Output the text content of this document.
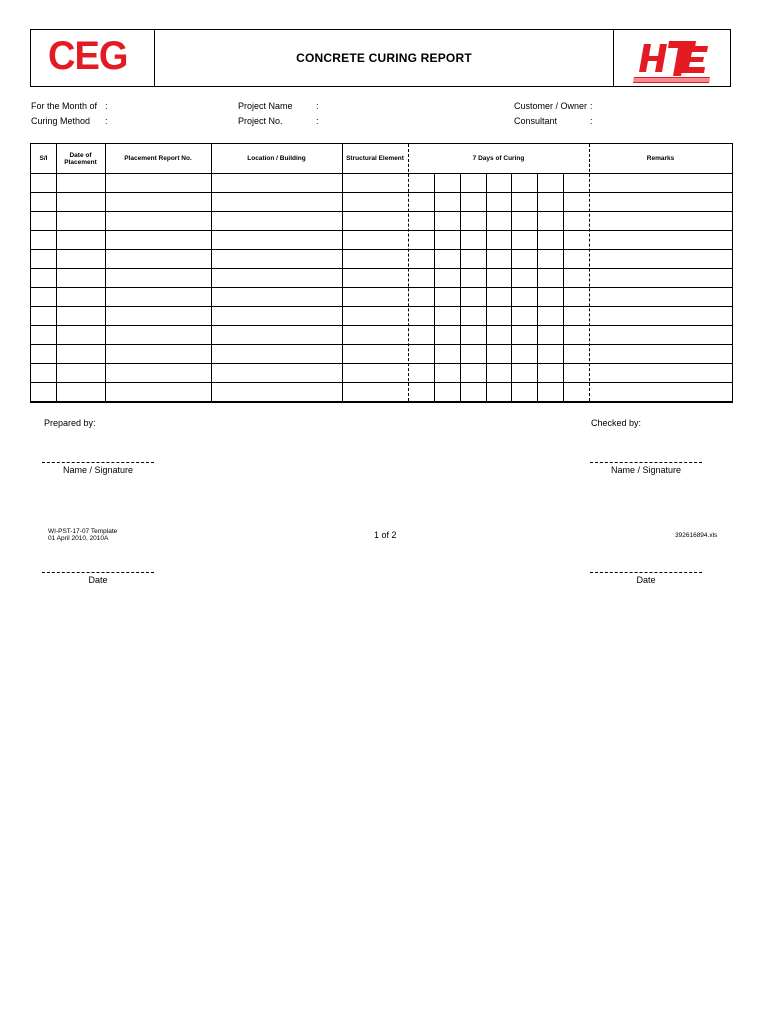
CEG	CONCRETE CURING REPORT
For the Month of :
Curing Method :
Project Name	:
Project No.	:
Customer / Owner :
Consultant	:
S/I	Date of Placement	Placement Report No.	Location / Building	Structural Element	7 Days of Curing	Remarks
Prepared by:	Checked by:
Name / Signature	Name / Signature
WI-PST-17-07 Template
01 April 2010, 2010A	1 of 2	392616894.xls
Date	Date
